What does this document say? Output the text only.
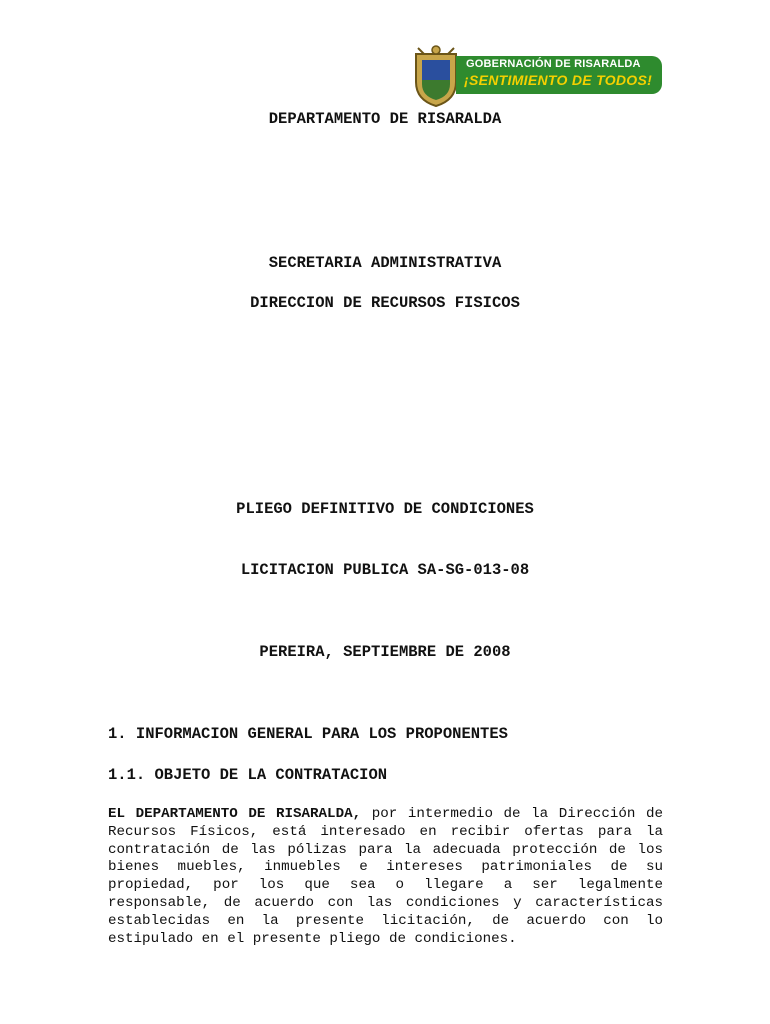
GOBERNACIÓN DE RISARALDA
¡SENTIMIENTO DE TODOS!
DEPARTAMENTO DE RISARALDA
SECRETARIA ADMINISTRATIVA
DIRECCION DE RECURSOS FISICOS
PLIEGO DEFINITIVO DE CONDICIONES
LICITACION PUBLICA SA-SG-013-08
PEREIRA, SEPTIEMBRE DE 2008
1. INFORMACION GENERAL PARA LOS PROPONENTES
1.1. OBJETO DE LA CONTRATACION
EL DEPARTAMENTO DE RISARALDA, por intermedio de la Dirección de Recursos Físicos, está interesado en recibir ofertas para la contratación de las pólizas para la adecuada protección de los bienes muebles, inmuebles e intereses patrimoniales de su propiedad, por los que sea o llegare a ser legalmente responsable, de acuerdo con las condiciones y características establecidas en la presente licitación, de acuerdo con lo estipulado en el presente pliego de condiciones.
